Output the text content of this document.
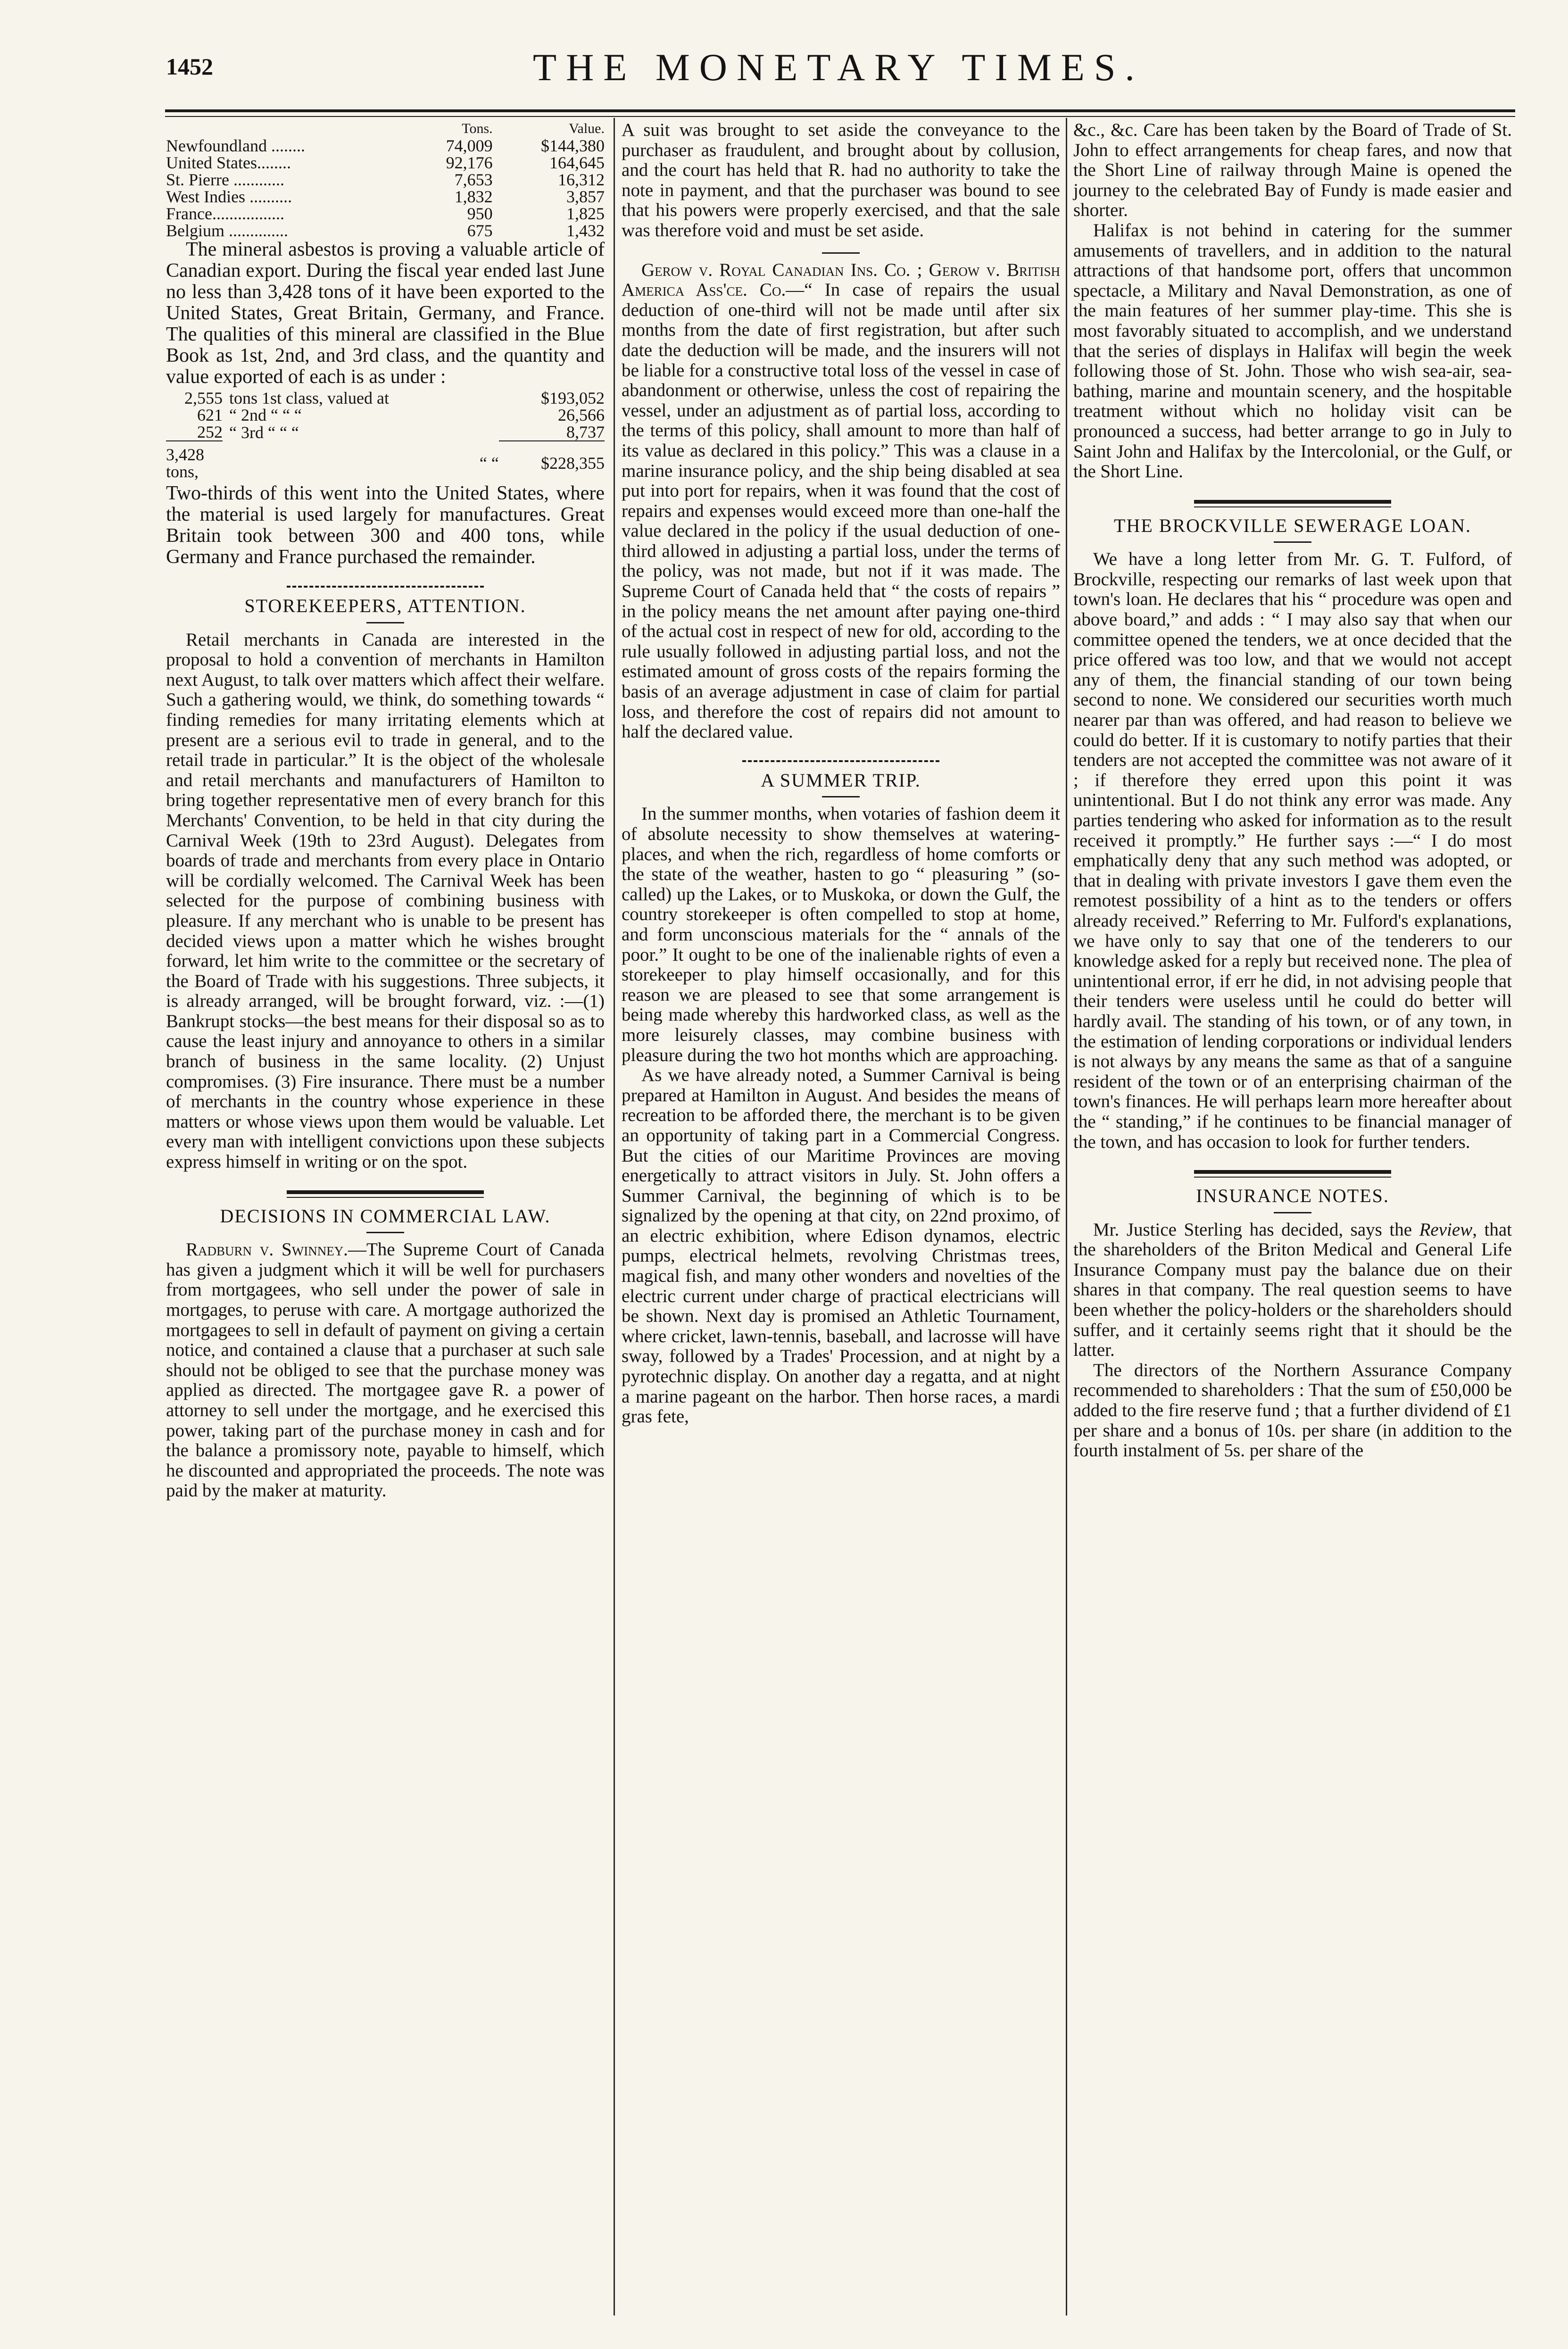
1452	THE MONETARY TIMES.
	Tons.	Value.
Newfoundland ........	74,009	$144,380
United States........	92,176	164,645
St. Pierre ............	7,653	16,312
West Indies ..........	1,832	3,857
France.................	950	1,825
Belgium ..............	675	1,432

The mineral asbestos is proving a valuable article of Canadian export. During the fiscal year ended last June no less than 3,428 tons of it have been exported to the United States, Great Britain, Germany, and France. The qualities of this mineral are classified in the Blue Book as 1st, 2nd, and 3rd class, and the quantity and value exported of each is as under :

2,555	tons 1st class, valued at	$193,052
621	“ 2nd “ “ “	26,566
252	“ 3rd “ “ “	8,737
3,428 tons,	“ “	$228,355

Two-thirds of this went into the United States, where the material is used largely for manufactures. Great Britain took between 300 and 400 tons, while Germany and France purchased the remainder.

STOREKEEPERS, ATTENTION.

Retail merchants in Canada are interested in the proposal to hold a convention of merchants in Hamilton next August, to talk over matters which affect their welfare. Such a gathering would, we think, do something towards “ finding remedies for many irritating elements which at present are a serious evil to trade in general, and to the retail trade in particular.” It is the object of the wholesale and retail merchants and manufacturers of Hamilton to bring together representative men of every branch for this Merchants' Convention, to be held in that city during the Carnival Week (19th to 23rd August). Delegates from boards of trade and merchants from every place in Ontario will be cordially welcomed. The Carnival Week has been selected for the purpose of combining business with pleasure. If any merchant who is unable to be present has decided views upon a matter which he wishes brought forward, let him write to the committee or the secretary of the Board of Trade with his suggestions. Three subjects, it is already arranged, will be brought forward, viz. :—(1) Bankrupt stocks—the best means for their disposal so as to cause the least injury and annoyance to others in a similar branch of business in the same locality. (2) Unjust compromises. (3) Fire insurance. There must be a number of merchants in the country whose experience in these matters or whose views upon them would be valuable. Let every man with intelligent convictions upon these subjects express himself in writing or on the spot.

DECISIONS IN COMMERCIAL LAW.

Radburn v. Swinney.—The Supreme Court of Canada has given a judgment which it will be well for purchasers from mortgagees, who sell under the power of sale in mortgages, to peruse with care. A mortgage authorized the mortgagees to sell in default of payment on giving a certain notice, and contained a clause that a purchaser at such sale should not be obliged to see that the purchase money was applied as directed. The mortgagee gave R. a power of attorney to sell under the mortgage, and he exercised this power, taking part of the purchase money in cash and for the balance a promissory note, payable to himself, which he discounted and appropriated the proceeds. The note was paid by the maker at maturity.

A suit was brought to set aside the conveyance to the purchaser as fraudulent, and brought about by collusion, and the court has held that R. had no authority to take the note in payment, and that the purchaser was bound to see that his powers were properly exercised, and that the sale was therefore void and must be set aside.

Gerow v. Royal Canadian Ins. Co. ; Gerow v. British America Ass'ce. Co.—“ In case of repairs the usual deduction of one-third will not be made until after six months from the date of first registration, but after such date the deduction will be made, and the insurers will not be liable for a constructive total loss of the vessel in case of abandonment or otherwise, unless the cost of repairing the vessel, under an adjustment as of partial loss, according to the terms of this policy, shall amount to more than half of its value as declared in this policy.” This was a clause in a marine insurance policy, and the ship being disabled at sea put into port for repairs, when it was found that the cost of repairs and expenses would exceed more than one-half the value declared in the policy if the usual deduction of one-third allowed in adjusting a partial loss, under the terms of the policy, was not made, but not if it was made. The Supreme Court of Canada held that “ the costs of repairs ” in the policy means the net amount after paying one-third of the actual cost in respect of new for old, according to the rule usually followed in adjusting partial loss, and not the estimated amount of gross costs of the repairs forming the basis of an average adjustment in case of claim for partial loss, and therefore the cost of repairs did not amount to half the declared value.

A SUMMER TRIP.

In the summer months, when votaries of fashion deem it of absolute necessity to show themselves at watering-places, and when the rich, regardless of home comforts or the state of the weather, hasten to go “ pleasuring ” (so-called) up the Lakes, or to Muskoka, or down the Gulf, the country storekeeper is often compelled to stop at home, and form unconscious materials for the “ annals of the poor.” It ought to be one of the inalienable rights of even a storekeeper to play himself occasionally, and for this reason we are pleased to see that some arrangement is being made whereby this hardworked class, as well as the more leisurely classes, may combine business with pleasure during the two hot months which are approaching.

As we have already noted, a Summer Carnival is being prepared at Hamilton in August. And besides the means of recreation to be afforded there, the merchant is to be given an opportunity of taking part in a Commercial Congress. But the cities of our Maritime Provinces are moving energetically to attract visitors in July. St. John offers a Summer Carnival, the beginning of which is to be signalized by the opening at that city, on 22nd proximo, of an electric exhibition, where Edison dynamos, electric pumps, electrical helmets, revolving Christmas trees, magical fish, and many other wonders and novelties of the electric current under charge of practical electricians will be shown. Next day is promised an Athletic Tournament, where cricket, lawn-tennis, baseball, and lacrosse will have sway, followed by a Trades' Procession, and at night by a pyrotechnic display. On another day a regatta, and at night a marine pageant on the harbor. Then horse races, a mardi gras fete,

&c., &c. Care has been taken by the Board of Trade of St. John to effect arrangements for cheap fares, and now that the Short Line of railway through Maine is opened the journey to the celebrated Bay of Fundy is made easier and shorter.

Halifax is not behind in catering for the summer amusements of travellers, and in addition to the natural attractions of that handsome port, offers that uncommon spectacle, a Military and Naval Demonstration, as one of the main features of her summer play-time. This she is most favorably situated to accomplish, and we understand that the series of displays in Halifax will begin the week following those of St. John. Those who wish sea-air, sea-bathing, marine and mountain scenery, and the hospitable treatment without which no holiday visit can be pronounced a success, had better arrange to go in July to Saint John and Halifax by the Intercolonial, or the Gulf, or the Short Line.

THE BROCKVILLE SEWERAGE LOAN.

We have a long letter from Mr. G. T. Fulford, of Brockville, respecting our remarks of last week upon that town's loan. He declares that his “ procedure was open and above board,” and adds : “ I may also say that when our committee opened the tenders, we at once decided that the price offered was too low, and that we would not accept any of them, the financial standing of our town being second to none. We considered our securities worth much nearer par than was offered, and had reason to believe we could do better. If it is customary to notify parties that their tenders are not accepted the committee was not aware of it ; if therefore they erred upon this point it was unintentional. But I do not think any error was made. Any parties tendering who asked for information as to the result received it promptly.” He further says :—“ I do most emphatically deny that any such method was adopted, or that in dealing with private investors I gave them even the remotest possibility of a hint as to the tenders or offers already received.” Referring to Mr. Fulford's explanations, we have only to say that one of the tenderers to our knowledge asked for a reply but received none. The plea of unintentional error, if err he did, in not advising people that their tenders were useless until he could do better will hardly avail. The standing of his town, or of any town, in the estimation of lending corporations or individual lenders is not always by any means the same as that of a sanguine resident of the town or of an enterprising chairman of the town's finances. He will perhaps learn more hereafter about the “ standing,” if he continues to be financial manager of the town, and has occasion to look for further tenders.

INSURANCE NOTES.

Mr. Justice Sterling has decided, says the Review, that the shareholders of the Briton Medical and General Life Insurance Company must pay the balance due on their shares in that company. The real question seems to have been whether the policy-holders or the shareholders should suffer, and it certainly seems right that it should be the latter.

The directors of the Northern Assurance Company recommended to shareholders : That the sum of £50,000 be added to the fire reserve fund ; that a further dividend of £1 per share and a bonus of 10s. per share (in addition to the fourth instalment of 5s. per share of the
